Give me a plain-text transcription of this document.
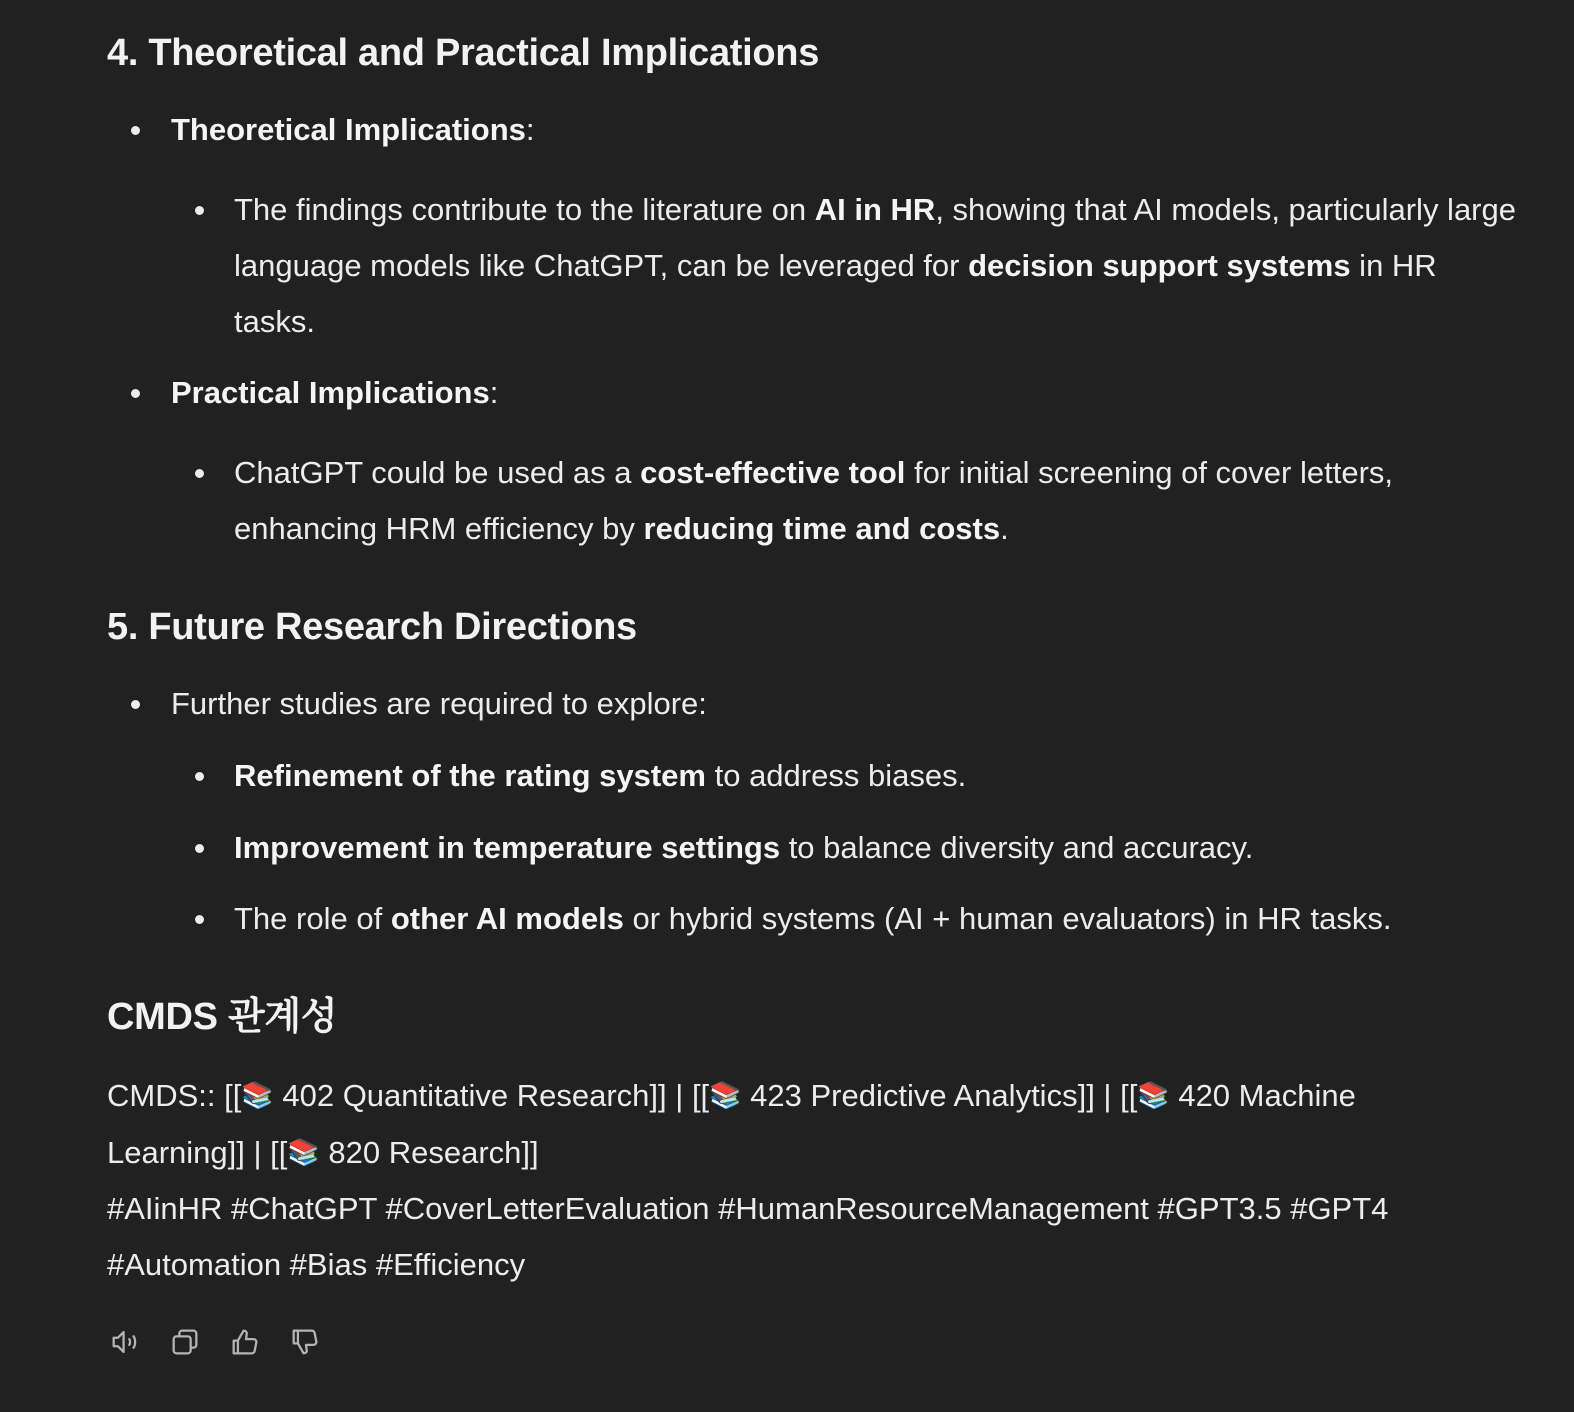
4. Theoretical and Practical Implications
Theoretical Implications:
The findings contribute to the literature on AI in HR, showing that AI models, particularly large language models like ChatGPT, can be leveraged for decision support systems in HR tasks.
Practical Implications:
ChatGPT could be used as a cost-effective tool for initial screening of cover letters, enhancing HRM efficiency by reducing time and costs.
5. Future Research Directions
Further studies are required to explore:
Refinement of the rating system to address biases.
Improvement in temperature settings to balance diversity and accuracy.
The role of other AI models or hybrid systems (AI + human evaluators) in HR tasks.
CMDS 관계성
CMDS:: [[📚 402 Quantitative Research]] | [[📚 423 Predictive Analytics]] | [[📚 420 Machine Learning]] | [[📚 820 Research]]
#AIinHR #ChatGPT #CoverLetterEvaluation #HumanResourceManagement #GPT3.5 #GPT4 #Automation #Bias #Efficiency
